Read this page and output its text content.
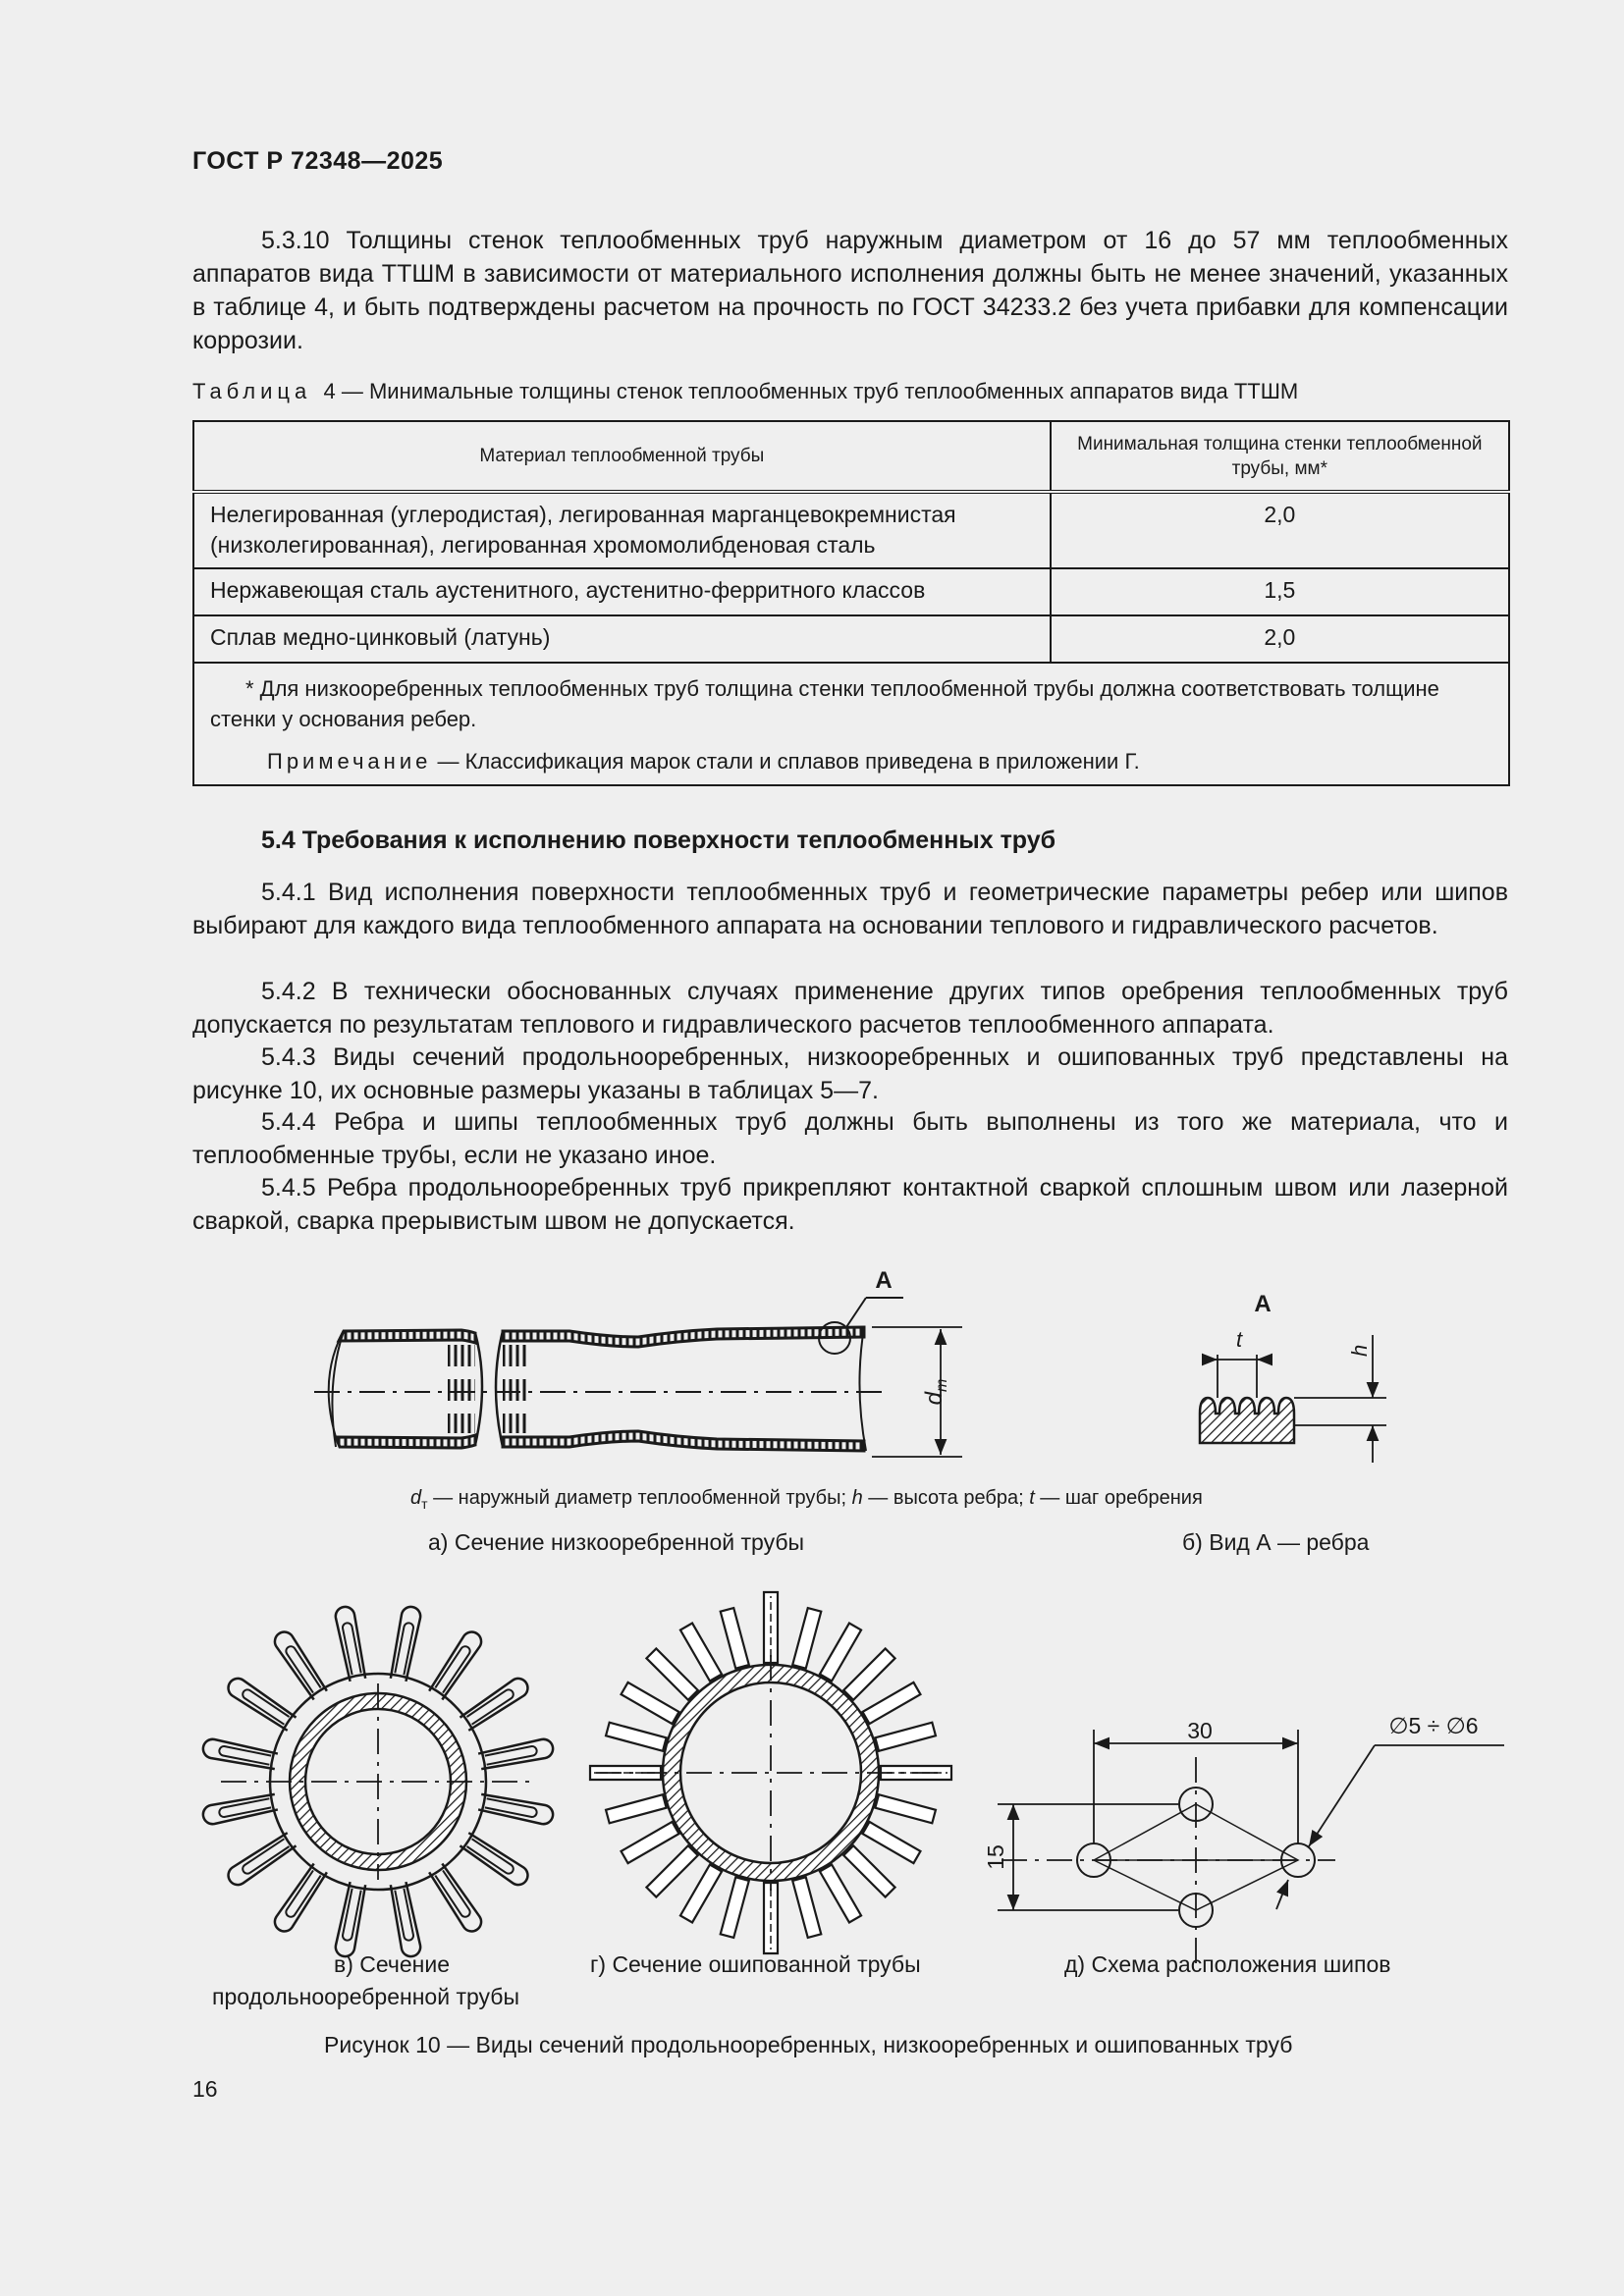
ГОСТ Р 72348—2025
5.3.10 Толщины стенок теплообменных труб наружным диаметром от 16 до 57 мм теплообменных аппаратов вида ТТШМ в зависимости от материального исполнения должны быть не менее значений, указанных в таблице 4, и быть подтверждены расчетом на прочность по ГОСТ 34233.2 без учета прибавки для компенсации коррозии.
Таблица 4 — Минимальные толщины стенок теплообменных труб теплообменных аппаратов вида ТТШМ
Материал теплообменной трубы	Минимальная толщина стенки теплообменной трубы, мм*
Нелегированная (углеродистая), легированная марганцевокремнистая (низколегированная), легированная хромомолибденовая сталь	2,0
Нержавеющая сталь аустенитного, аустенитно-ферритного классов	1,5
Сплав медно-цинковый (латунь)	2,0

* Для низкооребренных теплообменных труб толщина стенки теплообменной трубы должна соответствовать толщине стенки у основания ребер.

Примечание — Классификация марок стали и сплавов приведена в приложении Г.	

5.4 Требования к исполнению поверхности теплообменных труб
5.4.1 Вид исполнения поверхности теплообменных труб и геометрические параметры ребер или шипов выбирают для каждого вида теплообменного аппарата на основании теплового и гидравлического расчетов.
5.4.2 В технически обоснованных случаях применение других типов оребрения теплообменных труб допускается по результатам теплового и гидравлического расчетов теплообменного аппарата.
5.4.3 Виды сечений продольнооребренных, низкооребренных и ошипованных труб представлены на рисунке 10, их основные размеры указаны в таблицах 5—7.
5.4.4 Ребра и шипы теплообменных труб должны быть выполнены из того же материала, что и теплообменные трубы, если не указано иное.
5.4.5 Ребра продольнооребренных труб прикрепляют контактной сваркой сплошным швом или лазерной сваркой, сварка прерывистым швом не допускается.
А
$d_т$
А
t	h
30
15
∅5 ÷ ∅6
$d_т$ — наружный диаметр теплообменной трубы; h — высота ребра; t — шаг оребрения
а) Сечение низкооребренной трубы	б) Вид А — ребра
в) Сечение
продольнооребренной трубы
г) Сечение ошипованной трубы	д) Схема расположения шипов
Рисунок 10 — Виды сечений продольнооребренных, низкооребренных и ошипованных труб
16
